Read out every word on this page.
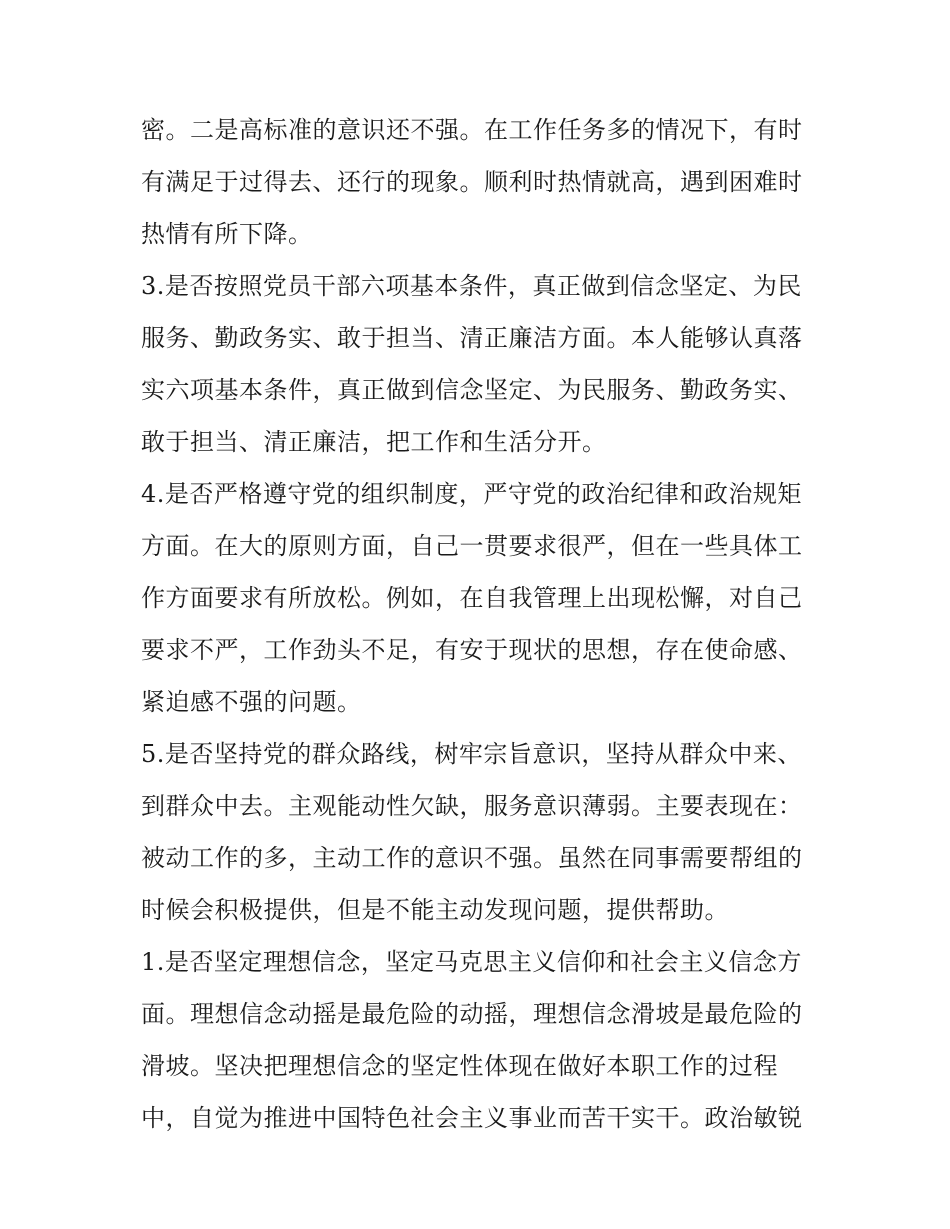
密。二是高标准的意识还不强。在工作任务多的情况下，有时
有满足于过得去、还行的现象。顺利时热情就高，遇到困难时
热情有所下降。
3.是否按照党员干部六项基本条件，真正做到信念坚定、为民
服务、勤政务实、敢于担当、清正廉洁方面。本人能够认真落
实六项基本条件，真正做到信念坚定、为民服务、勤政务实、
敢于担当、清正廉洁，把工作和生活分开。
4.是否严格遵守党的组织制度，严守党的政治纪律和政治规矩
方面。在大的原则方面，自己一贯要求很严，但在一些具体工
作方面要求有所放松。例如，在自我管理上出现松懈，对自己
要求不严，工作劲头不足，有安于现状的思想，存在使命感、
紧迫感不强的问题。
5.是否坚持党的群众路线，树牢宗旨意识，坚持从群众中来、
到群众中去。主观能动性欠缺，服务意识薄弱。主要表现在：
被动工作的多，主动工作的意识不强。虽然在同事需要帮组的
时候会积极提供，但是不能主动发现问题，提供帮助。
1.是否坚定理想信念，坚定马克思主义信仰和社会主义信念方
面。理想信念动摇是最危险的动摇，理想信念滑坡是最危险的
滑坡。坚决把理想信念的坚定性体现在做好本职工作的过程
中，自觉为推进中国特色社会主义事业而苦干实干。政治敏锐
